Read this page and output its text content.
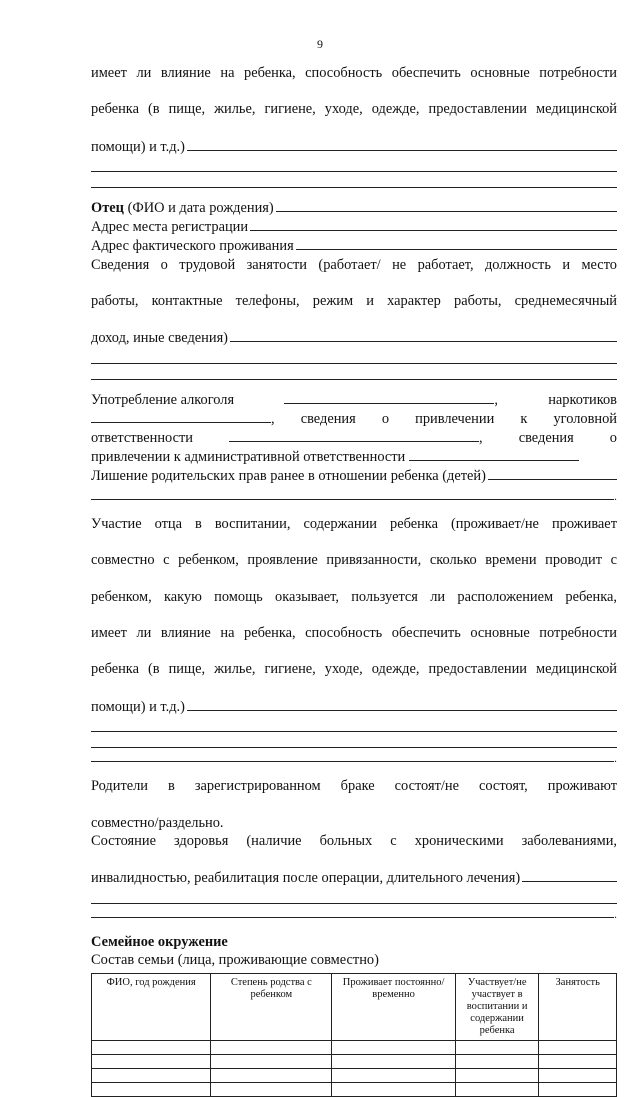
9

имеет ли влияние на ребенка, способность обеспечить основные потребности

ребенка (в пище, жилье, гигиене, уходе, одежде, предоставлении медицинской

помощи) и т.д.)
Отец (ФИО и дата рождения)
Адрес места регистрации
Адрес фактического проживания

Сведения о трудовой занятости (работает/ не работает, должность и место

работы, контактные телефоны, режим и характер работы, среднемесячный

доход, иные сведения)
Употребление алкоголя	,	наркотиков
, сведения о привлечении к уголовной
ответственности	,	сведения	о
привлечении к административной ответственности
Лишение родительских прав ранее в отношении ребенка (детей)
.

Участие отца в воспитании, содержании ребенка (проживает/не проживает

совместно с ребенком, проявление привязанности, сколько времени проводит с

ребенком, какую помощь оказывает, пользуется ли расположением ребенка,

имеет ли влияние на ребенка, способность обеспечить основные потребности

ребенка (в пище, жилье, гигиене, уходе, одежде, предоставлении медицинской

помощи) и т.д.)
.

Родители в зарегистрированном браке состоят/не состоят, проживают

совместно/раздельно.

Состояние здоровья (наличие больных с хроническими заболеваниями,

инвалидностью, реабилитация после операции, длительного лечения)
.

Семейное окружение

Состав семьи (лица, проживающие совместно)

ФИО, год рождения	Степень родства с ребенком	Проживает постоянно/временно	Участвует/не участвует в воспитании и содержании ребенка	Занятость
